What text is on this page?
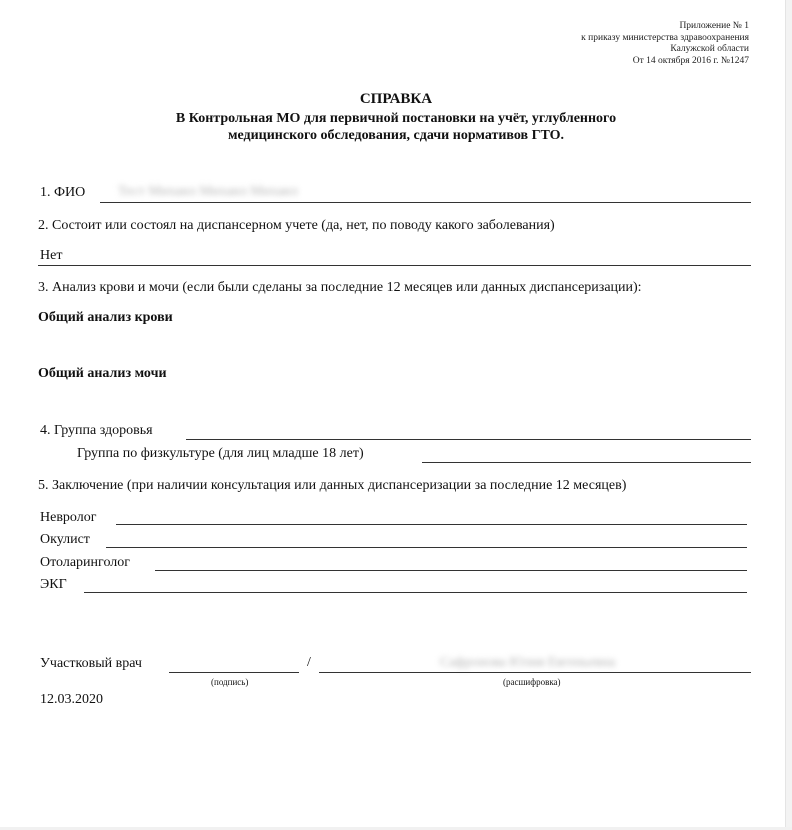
Приложение № 1
к приказу министерства здравоохранения
Калужской области
От 14 октября 2016 г. №1247
СПРАВКА
В Контрольная МО для первичной постановки на учёт, углубленного
медицинского обследования, сдачи нормативов ГТО.
1. ФИО Тест Михаил Михаил Михаил
2. Состоит или состоял на диспансерном учете (да, нет, по поводу какого заболевания)
Нет
3. Анализ крови и мочи (если были сделаны за последние 12 месяцев или данных диспансеризации):
Общий анализ крови
Общий анализ мочи
4. Группа здоровья
Группа по физкультуре (для лиц младше 18 лет)
5. Заключение (при наличии консультация или данных диспансеризации за последние 12 месяцев)
Невролог
Окулист
Отоларинголог
ЭКГ
Участковый врач	/	Сафронова Юлия Евгеньевна
(подпись)	(расшифровка)
12.03.2020
